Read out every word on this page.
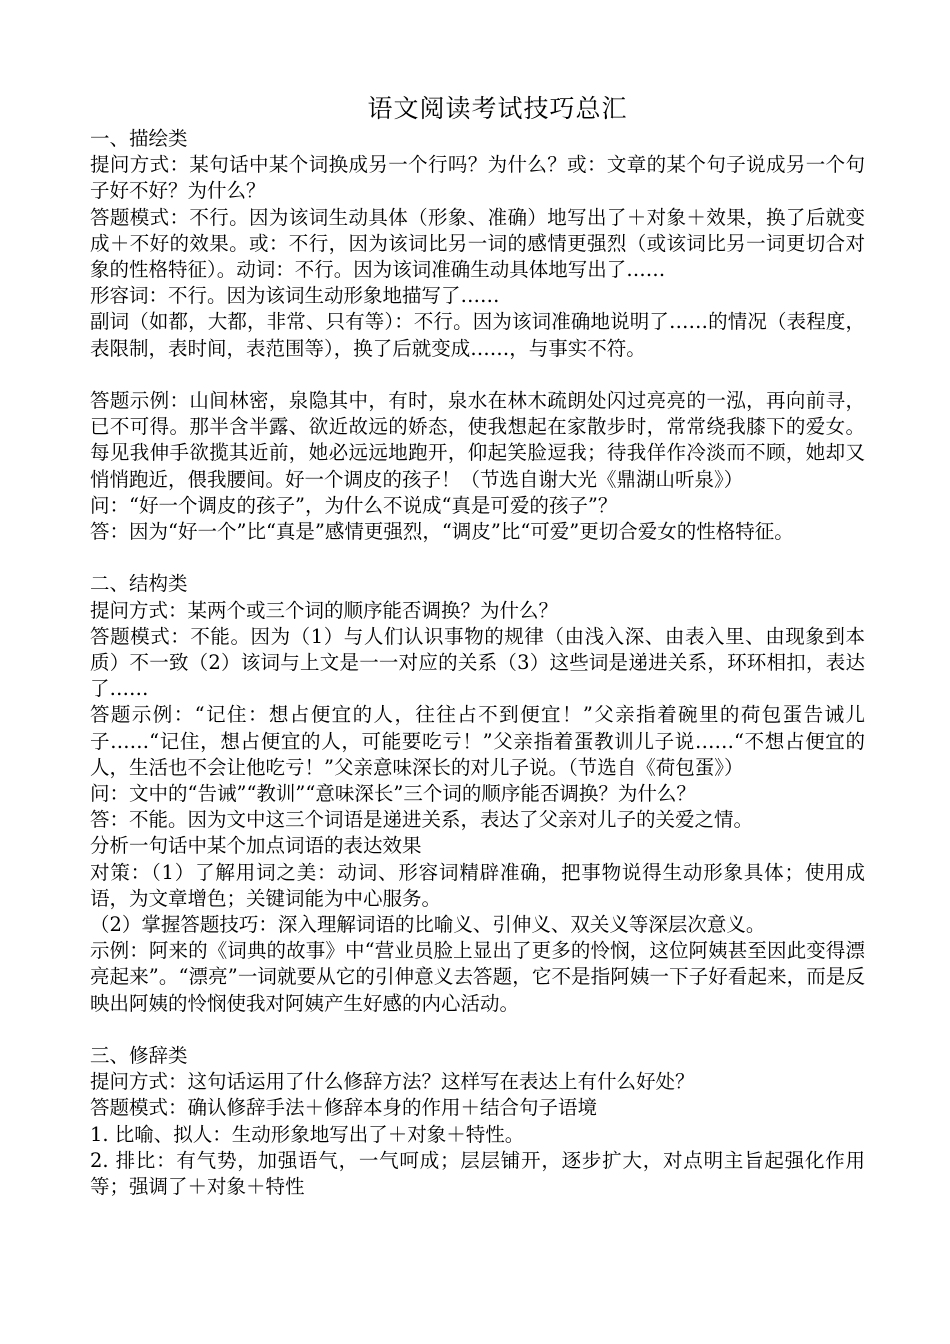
语文阅读考试技巧总汇
一、描绘类
提问方式：某句话中某个词换成另一个行吗？为什么？或：文章的某个句子说成另一个句子好不好？为什么？
答题模式：不行。因为该词生动具体（形象、准确）地写出了＋对象＋效果，换了后就变成＋不好的效果。或：不行，因为该词比另一词的感情更强烈（或该词比另一词更切合对象的性格特征）。动词：不行。因为该词准确生动具体地写出了……
形容词：不行。因为该词生动形象地描写了……
副词（如都，大都，非常、只有等）：不行。因为该词准确地说明了……的情况（表程度，表限制，表时间，表范围等），换了后就变成……，与事实不符。
答题示例：山间林密，泉隐其中，有时，泉水在林木疏朗处闪过亮亮的一泓，再向前寻，已不可得。那半含半露、欲近故远的娇态，使我想起在家散步时，常常绕我膝下的爱女。每见我伸手欲揽其近前，她必远远地跑开，仰起笑脸逗我；待我佯作冷淡而不顾，她却又悄悄跑近，偎我腰间。好一个调皮的孩子！（节选自谢大光《鼎湖山听泉》）
问：“好一个调皮的孩子”，为什么不说成“真是可爱的孩子”？
答：因为“好一个”比“真是”感情更强烈，“调皮”比“可爱”更切合爱女的性格特征。
二、结构类
提问方式：某两个或三个词的顺序能否调换？为什么？
答题模式：不能。因为（1）与人们认识事物的规律（由浅入深、由表入里、由现象到本质）不一致（2）该词与上文是一一对应的关系（3）这些词是递进关系，环环相扣，表达了……
答题示例：“记住：想占便宜的人，往往占不到便宜！”父亲指着碗里的荷包蛋告诫儿子……“记住，想占便宜的人，可能要吃亏！”父亲指着蛋教训儿子说……“不想占便宜的人，生活也不会让他吃亏！”父亲意味深长的对儿子说。（节选自《荷包蛋》）
问：文中的“告诫”“教训”“意味深长”三个词的顺序能否调换？为什么？
答：不能。因为文中这三个词语是递进关系，表达了父亲对儿子的关爱之情。
分析一句话中某个加点词语的表达效果
对策：（1）了解用词之美：动词、形容词精辟准确，把事物说得生动形象具体；使用成语，为文章增色；关键词能为中心服务。
（2）掌握答题技巧：深入理解词语的比喻义、引伸义、双关义等深层次意义。
示例：阿来的《词典的故事》中“营业员脸上显出了更多的怜悯，这位阿姨甚至因此变得漂亮起来”。“漂亮”一词就要从它的引伸意义去答题，它不是指阿姨一下子好看起来，而是反映出阿姨的怜悯使我对阿姨产生好感的内心活动。
三、修辞类
提问方式：这句话运用了什么修辞方法？这样写在表达上有什么好处？
答题模式：确认修辞手法＋修辞本身的作用＋结合句子语境
1. 比喻、拟人：生动形象地写出了＋对象＋特性。
2. 排比：有气势，加强语气，一气呵成；层层铺开，逐步扩大，对点明主旨起强化作用等；强调了＋对象＋特性
